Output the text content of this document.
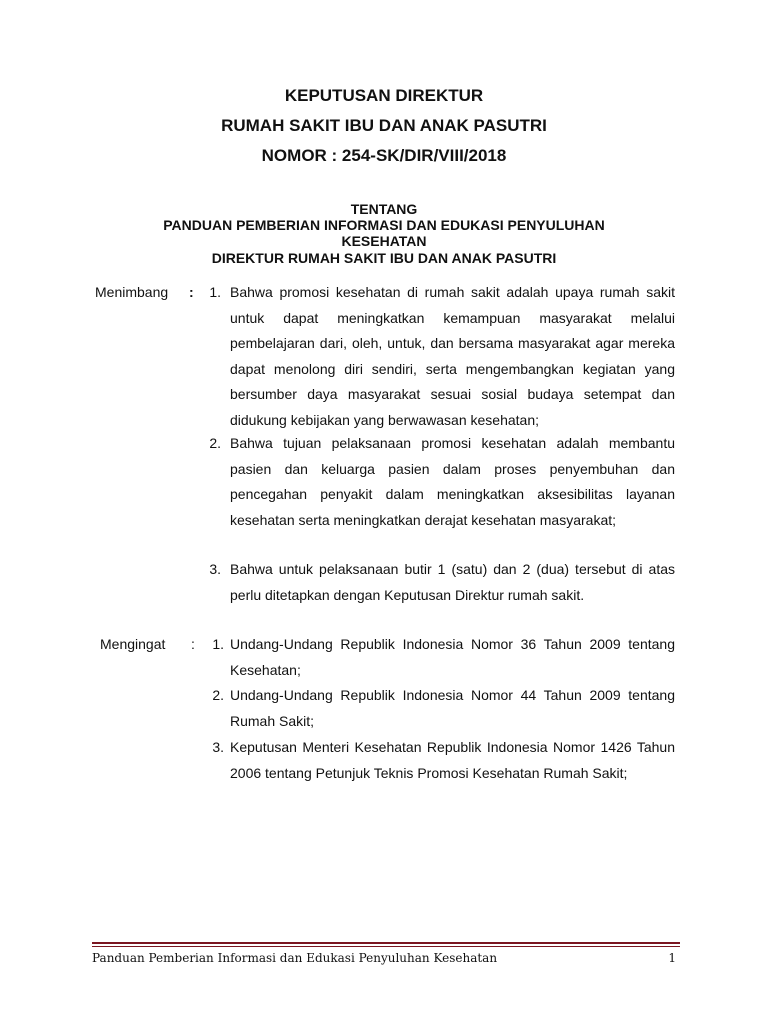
KEPUTUSAN DIREKTUR
RUMAH SAKIT IBU DAN ANAK PASUTRI
NOMOR : 254-SK/DIR/VIII/2018

TENTANG

PANDUAN PEMBERIAN INFORMASI DAN EDUKASI PENYULUHAN

KESEHATAN

DIREKTUR RUMAH SAKIT IBU DAN ANAK PASUTRI

Menimbang :	1. Bahwa promosi kesehatan di rumah sakit adalah upaya rumah sakit untuk dapat meningkatkan kemampuan masyarakat melalui pembelajaran dari, oleh, untuk, dan bersama masyarakat agar mereka dapat menolong diri sendiri, serta mengembangkan kegiatan yang bersumber daya masyarakat sesuai sosial budaya setempat dan didukung kebijakan yang berwawasan kesehatan;

2. Bahwa tujuan pelaksanaan promosi kesehatan adalah membantu pasien dan keluarga pasien dalam proses penyembuhan dan pencegahan penyakit dalam meningkatkan aksesibilitas layanan kesehatan serta meningkatkan derajat kesehatan masyarakat;

3. Bahwa untuk pelaksanaan butir 1 (satu) dan 2 (dua) tersebut di atas perlu ditetapkan dengan Keputusan Direktur rumah sakit.

Mengingat :	1. Undang-Undang Republik Indonesia Nomor 36 Tahun 2009 tentang Kesehatan;

2. Undang-Undang Republik Indonesia Nomor 44 Tahun 2009 tentang Rumah Sakit;

3. Keputusan Menteri Kesehatan Republik Indonesia Nomor 1426 Tahun 2006 tentang Petunjuk Teknis Promosi Kesehatan Rumah Sakit;

Panduan Pemberian Informasi dan Edukasi Penyuluhan Kesehatan	1
